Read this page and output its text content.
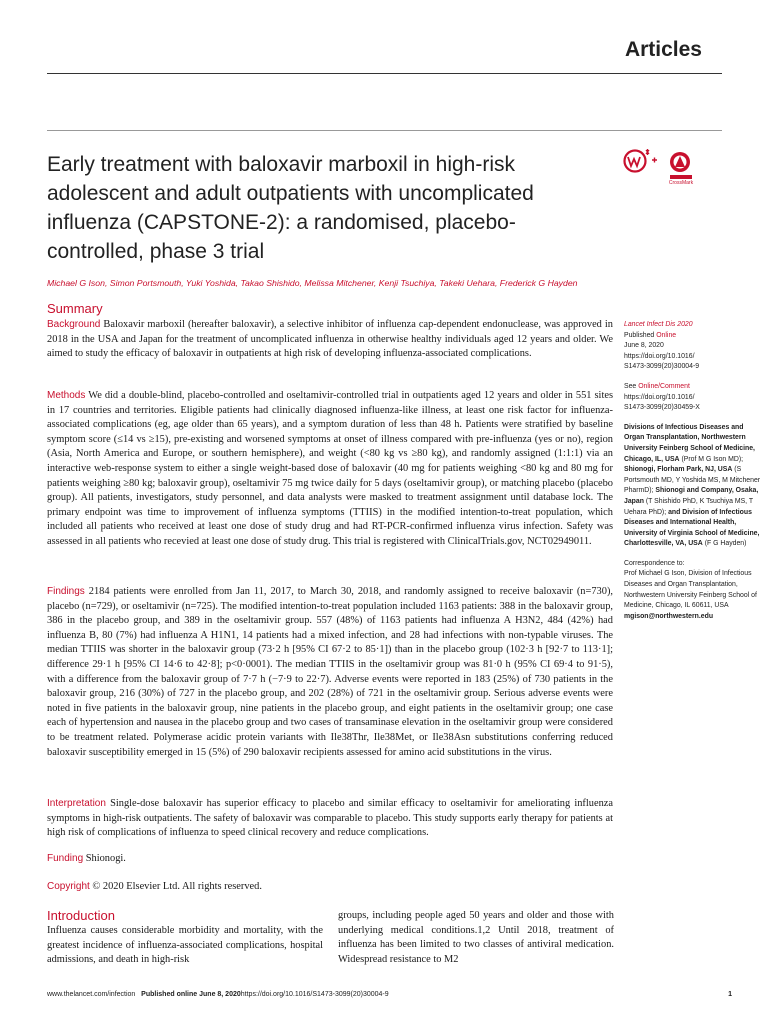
Articles
Early treatment with baloxavir marboxil in high-risk adolescent and adult outpatients with uncomplicated influenza (CAPSTONE-2): a randomised, placebo-controlled, phase 3 trial
CrossMark
Michael G Ison, Simon Portsmouth, Yuki Yoshida, Takao Shishido, Melissa Mitchener, Kenji Tsuchiya, Takeki Uehara, Frederick G Hayden
Summary

Background Baloxavir marboxil (hereafter baloxavir), a selective inhibitor of influenza cap-dependent endonuclease, was approved in 2018 in the USA and Japan for the treatment of uncomplicated influenza in otherwise healthy individuals aged 12 years and older. We aimed to study the efficacy of baloxavir in outpatients at high risk of developing influenza-associated complications.

Methods We did a double-blind, placebo-controlled and oseltamivir-controlled trial in outpatients aged 12 years and older in 551 sites in 17 countries and territories. Eligible patients had clinically diagnosed influenza-like illness, at least one risk factor for influenza-associated complications (eg, age older than 65 years), and a symptom duration of less than 48 h. Patients were stratified by baseline symptom score (≤14 vs ≥15), pre-existing and worsened symptoms at onset of illness compared with pre-influenza (yes or no), region (Asia, North America and Europe, or southern hemisphere), and weight (<80 kg vs ≥80 kg), and randomly assigned (1:1:1) via an interactive web-response system to either a single weight-based dose of baloxavir (40 mg for patients weighing <80 kg and 80 mg for patients weighing ≥80 kg; baloxavir group), oseltamivir 75 mg twice daily for 5 days (oseltamivir group), or matching placebo (placebo group). All patients, investigators, study personnel, and data analysts were masked to treatment assignment until database lock. The primary endpoint was time to improvement of influenza symptoms (TTIIS) in the modified intention-to-treat population, which included all patients who received at least one dose of study drug and had RT-PCR-confirmed influenza virus infection. Safety was assessed in all patients who recevied at least one dose of study drug. This trial is registered with ClinicalTrials.gov, NCT02949011.

Findings 2184 patients were enrolled from Jan 11, 2017, to March 30, 2018, and randomly assigned to receive baloxavir (n=730), placebo (n=729), or oseltamivir (n=725). The modified intention-to-treat population included 1163 patients: 388 in the baloxavir group, 386 in the placebo group, and 389 in the oseltamivir group. 557 (48%) of 1163 patients had influenza A H3N2, 484 (42%) had influenza B, 80 (7%) had influenza A H1N1, 14 patients had a mixed infection, and 28 had infections with non-typable viruses. The median TTIIS was shorter in the baloxavir group (73·2 h [95% CI 67·2 to 85·1]) than in the placebo group (102·3 h [92·7 to 113·1]; difference 29·1 h [95% CI 14·6 to 42·8]; p<0·0001). The median TTIIS in the oseltamivir group was 81·0 h (95% CI 69·4 to 91·5), with a difference from the baloxavir group of 7·7 h (−7·9 to 22·7). Adverse events were reported in 183 (25%) of 730 patients in the baloxavir group, 216 (30%) of 727 in the placebo group, and 202 (28%) of 721 in the oseltamivir group. Serious adverse events were noted in five patients in the baloxavir group, nine patients in the placebo group, and eight patients in the oseltamivir group; one case each of hypertension and nausea in the placebo group and two cases of transaminase elevation in the oseltamivir group were considered to be treatment related. Polymerase acidic protein variants with Ile38Thr, Ile38Met, or Ile38Asn substitutions conferring reduced baloxavir susceptibility emerged in 15 (5%) of 290 baloxavir recipients assessed for amino acid substitutions in the virus.

Interpretation Single-dose baloxavir has superior efficacy to placebo and similar efficacy to oseltamivir for ameliorating influenza symptoms in high-risk outpatients. The safety of baloxavir was comparable to placebo. This study supports early therapy for patients at high risk of complications of influenza to speed clinical recovery and reduce complications.

Funding Shionogi.

Copyright © 2020 Elsevier Ltd. All rights reserved.

Lancet Infect Dis 2020

Published Online

June 8, 2020

https://doi.org/10.1016/

S1473-3099(20)30004-9

See Online/Comment

https://doi.org/10.1016/

S1473-3099(20)30459-X

Divisions of Infectious Diseases and Organ Transplantation, Northwestern University Feinberg School of Medicine, Chicago, IL, USA (Prof M G Ison MD); Shionogi, Florham Park, NJ, USA (S Portsmouth MD, Y Yoshida MS, M Mitchener PharmD); Shionogi and Company, Osaka, Japan (T Shishido PhD, K Tsuchiya MS, T Uehara PhD); and Division of Infectious Diseases and International Health, University of Virginia School of Medicine, Charlottesville, VA, USA (F G Hayden)

Correspondence to:

Prof Michael G Ison, Division of Infectious Diseases and Organ Transplantation, Northwestern University Feinberg School of Medicine, Chicago, IL 60611, USA

mgison@northwestern.edu

Introduction

Influenza causes considerable morbidity and mortality, with the greatest incidence of influenza-associated complications, hospital admissions, and death in high-risk

groups, including people aged 50 years and older and those with underlying medical conditions.1,2 Until 2018, treatment of influenza has been limited to two classes of antiviral medication. Widespread resistance to M2

www.thelancet.com/infection Published online June 8, 2020https://doi.org/10.1016/S1473-3099(20)30004-9	1
